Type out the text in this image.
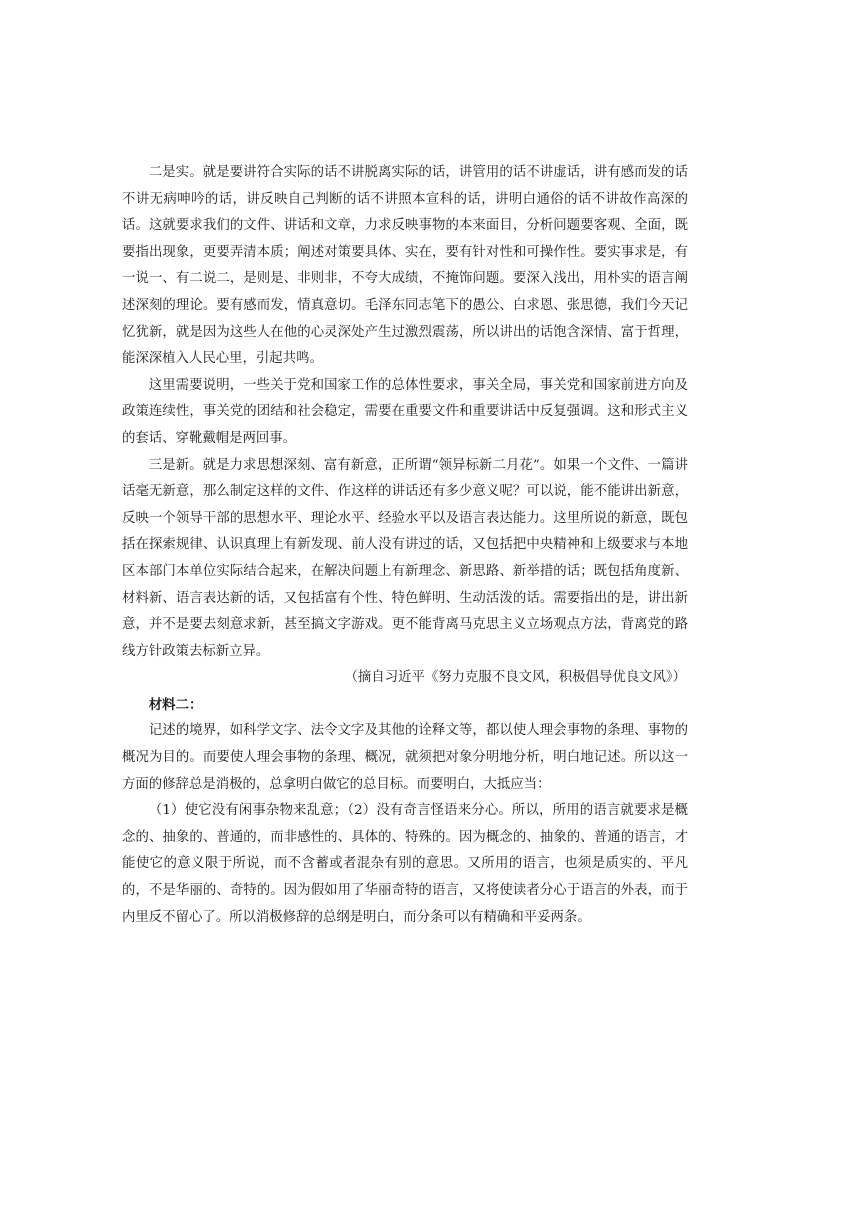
二是实。就是要讲符合实际的话不讲脱离实际的话，讲管用的话不讲虚话，讲有感而发的话不讲无病呻吟的话，讲反映自己判断的话不讲照本宣科的话，讲明白通俗的话不讲故作高深的话。这就要求我们的文件、讲话和文章，力求反映事物的本来面目，分析问题要客观、全面，既要指出现象，更要弄清本质；阐述对策要具体、实在，要有针对性和可操作性。要实事求是，有一说一、有二说二，是则是、非则非，不夸大成绩，不掩饰问题。要深入浅出，用朴实的语言阐述深刻的理论。要有感而发，情真意切。毛泽东同志笔下的愚公、白求恩、张思德，我们今天记忆犹新，就是因为这些人在他的心灵深处产生过激烈震荡，所以讲出的话饱含深情、富于哲理，能深深植入人民心里，引起共鸣。

这里需要说明，一些关于党和国家工作的总体性要求，事关全局，事关党和国家前进方向及政策连续性，事关党的团结和社会稳定，需要在重要文件和重要讲话中反复强调。这和形式主义的套话、穿靴戴帽是两回事。

三是新。就是力求思想深刻、富有新意，正所谓“领异标新二月花”。如果一个文件、一篇讲话毫无新意，那么制定这样的文件、作这样的讲话还有多少意义呢？可以说，能不能讲出新意，反映一个领导干部的思想水平、理论水平、经验水平以及语言表达能力。这里所说的新意，既包括在探索规律、认识真理上有新发现、前人没有讲过的话，又包括把中央精神和上级要求与本地区本部门本单位实际结合起来，在解决问题上有新理念、新思路、新举措的话；既包括角度新、材料新、语言表达新的话，又包括富有个性、特色鲜明、生动活泼的话。需要指出的是，讲出新意，并不是要去刻意求新，甚至搞文字游戏。更不能背离马克思主义立场观点方法，背离党的路线方针政策去标新立异。

（摘自习近平《努力克服不良文风，积极倡导优良文风》）

材料二：

记述的境界，如科学文字、法令文字及其他的诠释文等，都以使人理会事物的条理、事物的概况为目的。而要使人理会事物的条理、概况，就须把对象分明地分析，明白地记述。所以这一方面的修辞总是消极的，总拿明白做它的总目标。而要明白，大抵应当：

（1）使它没有闲事杂物来乱意；（2）没有奇言怪语来分心。所以，所用的语言就要求是概念的、抽象的、普通的，而非感性的、具体的、特殊的。因为概念的、抽象的、普通的语言，才能使它的意义限于所说，而不含蓄或者混杂有别的意思。又所用的语言，也须是质实的、平凡的，不是华丽的、奇特的。因为假如用了华丽奇特的语言，又将使读者分心于语言的外表，而于内里反不留心了。所以消极修辞的总纲是明白，而分条可以有精确和平妥两条。
